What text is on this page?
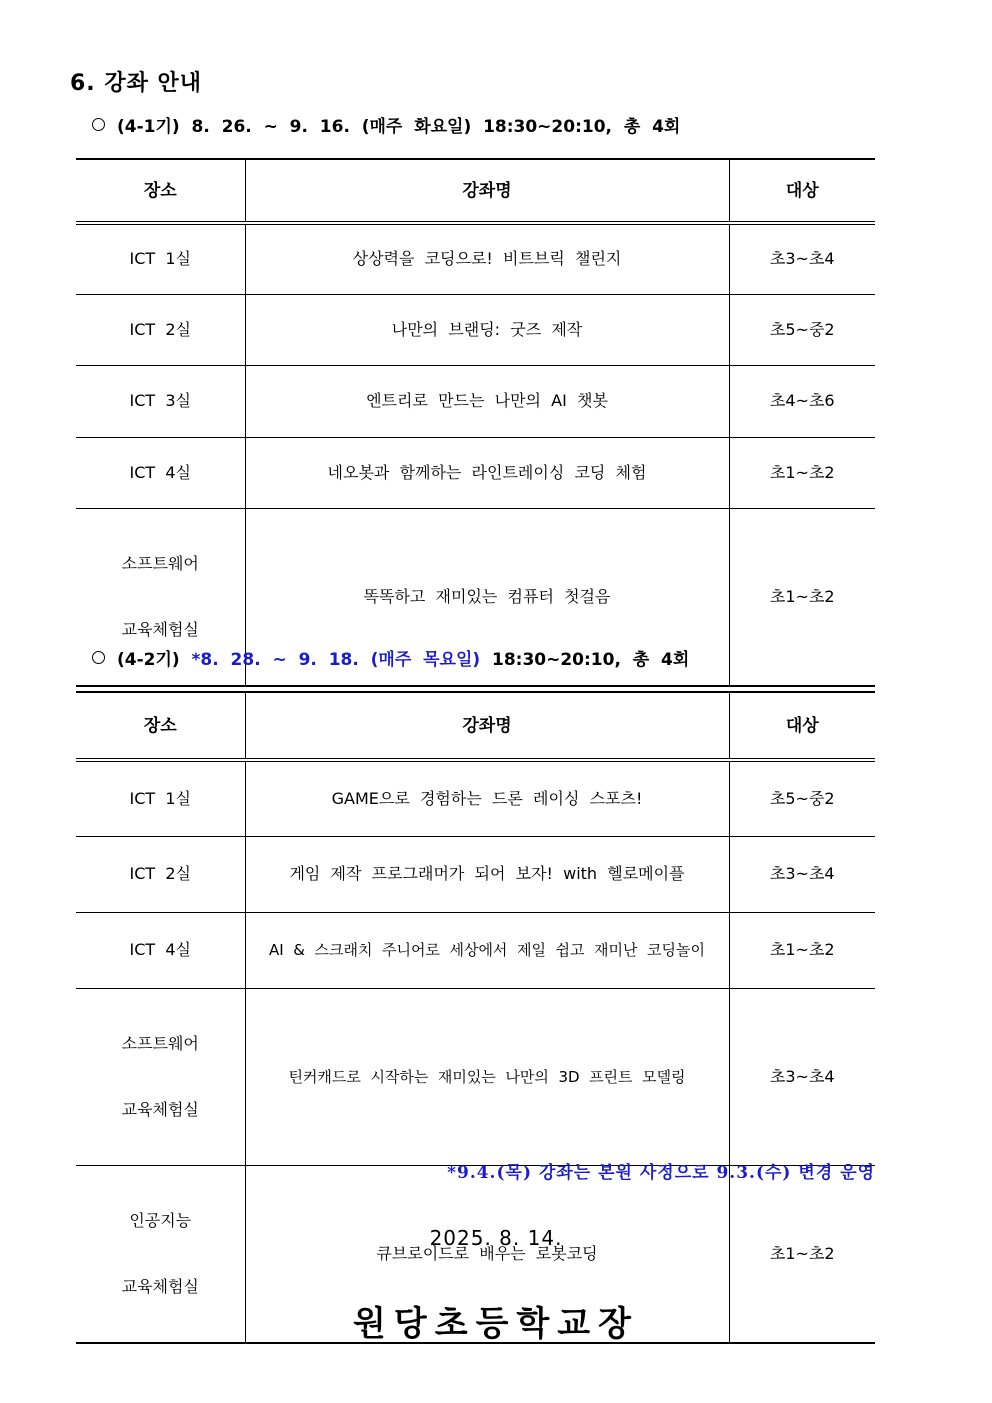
6. 강좌 안내
(4-1기)  8.  26.  ~  9.  16.  (매주  화요일)  18:30~20:10,  총  4회
장소	강좌명	대상
ICT  1실	상상력을  코딩으로!  비트브릭  챌린지	초3~초4
ICT  2실	나만의  브랜딩:  굿즈  제작	초5~중2
ICT  3실	엔트리로  만드는  나만의  AI  챗봇	초4~초6
ICT  4실	네오봇과  함께하는  라인트레이싱  코딩  체험	초1~초2

소프트웨어

교육체험실	똑똑하고  재미있는  컴퓨터  첫걸음	초1~초2
(4-2기) *8.  28.  ~  9.  18.  (매주  목요일) 18:30~20:10,  총  4회
장소	강좌명	대상
ICT  1실	GAME으로  경험하는  드론  레이싱  스포츠!	초5~중2
ICT  2실	게임  제작  프로그래머가  되어  보자!  with  헬로메이플	초3~초4
ICT  4실	AI  &  스크래치  주니어로  세상에서  제일  쉽고  재미난  코딩놀이	초1~초2

소프트웨어

교육체험실	틴커캐드로  시작하는  재미있는  나만의  3D  프린트  모델링	초3~초4

인공지능

교육체험실	큐브로이드로  배우는  로봇코딩	초1~초2
*9.4.(목) 강좌는 본원 사정으로 9.3.(수) 변경 운영
2025. 8. 14.
원당초등학교장
